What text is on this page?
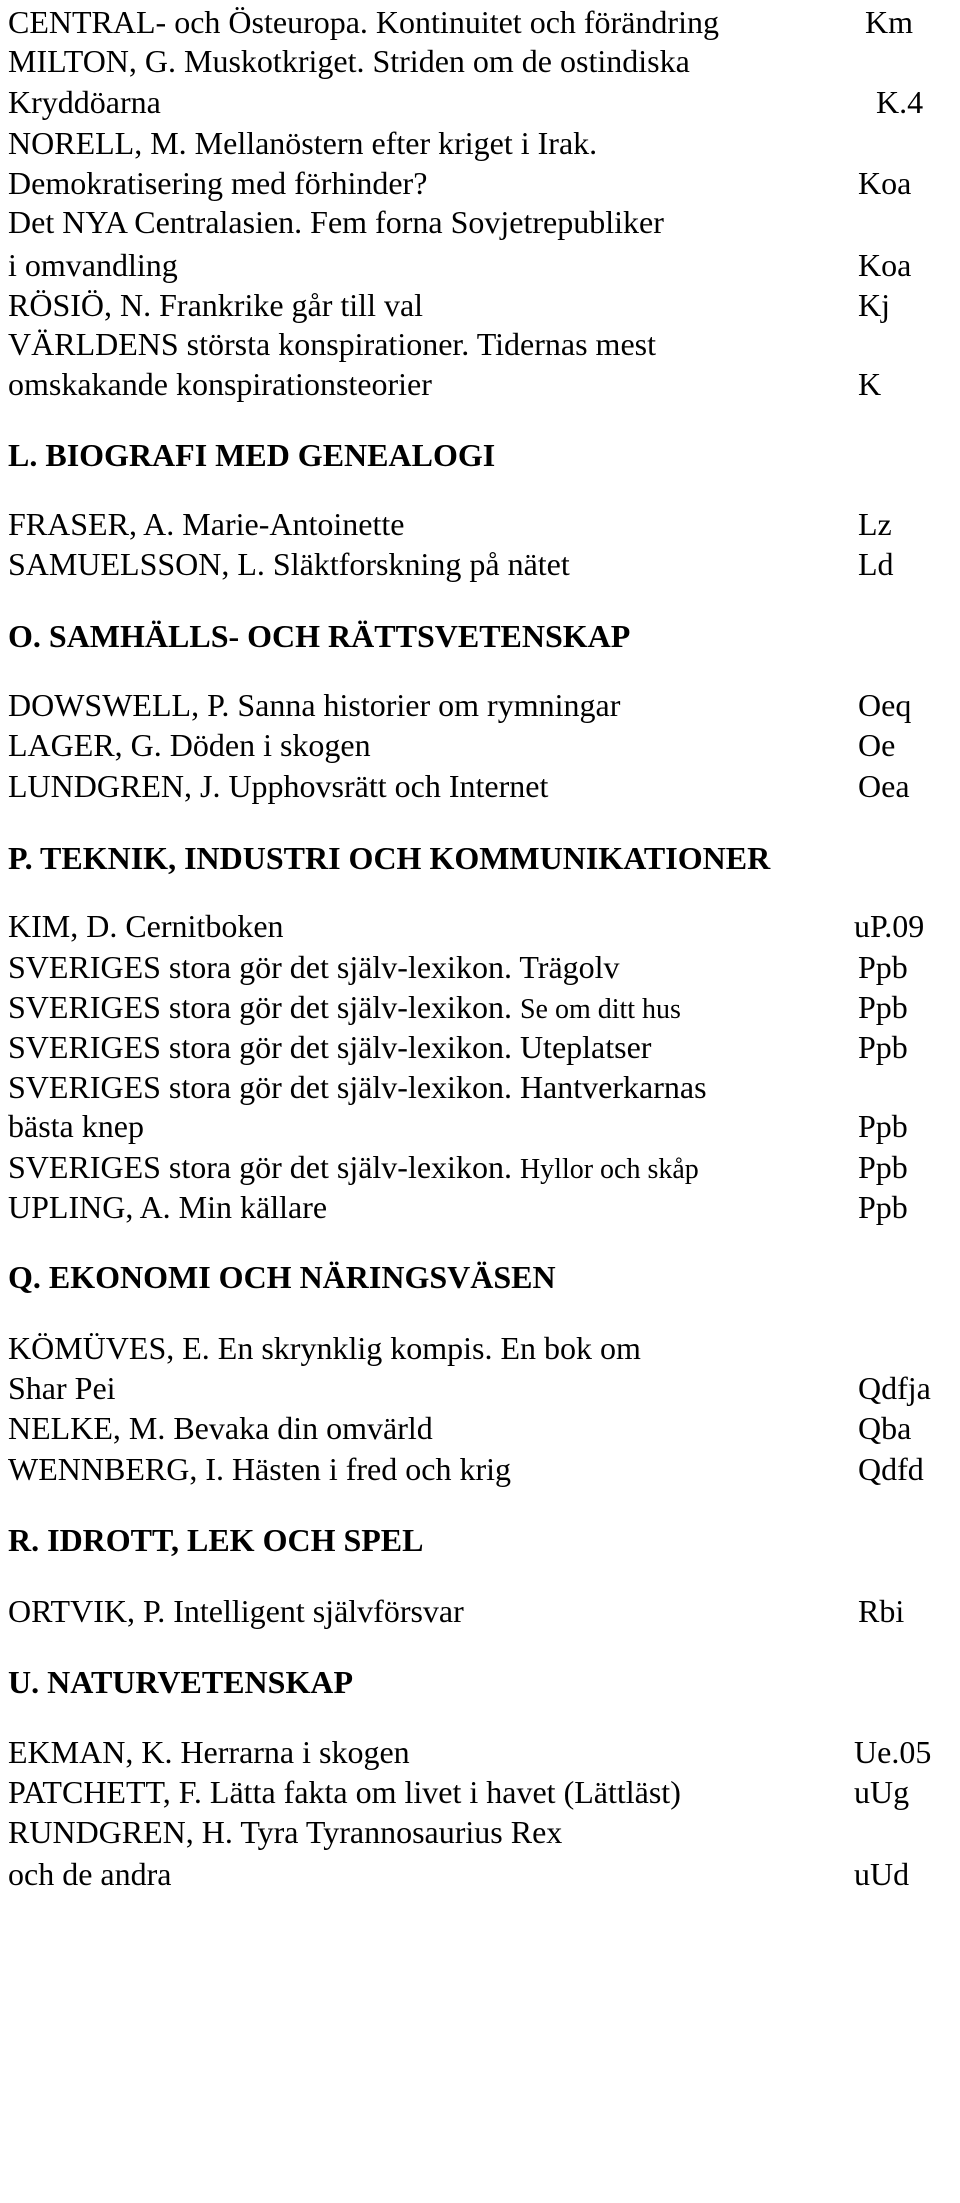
CENTRAL- och Östeuropa. Kontinuitet och förändring	Km
MILTON, G. Muskotkriget. Striden om de ostindiska
Kryddöarna	K.4
NORELL, M. Mellanöstern efter kriget i Irak.
Demokratisering med förhinder?	Koa
Det NYA Centralasien. Fem forna Sovjetrepubliker
i omvandling	Koa
RÖSIÖ, N. Frankrike går till val	Kj
VÄRLDENS största konspirationer. Tidernas mest
omskakande konspirationsteorier	K
L. BIOGRAFI MED GENEALOGI
FRASER, A. Marie-Antoinette	Lz
SAMUELSSON, L. Släktforskning på nätet	Ld
O. SAMHÄLLS- OCH RÄTTSVETENSKAP
DOWSWELL, P. Sanna historier om rymningar	Oeq
LAGER, G. Döden i skogen	Oe
LUNDGREN, J. Upphovsrätt och Internet	Oea
P. TEKNIK, INDUSTRI OCH KOMMUNIKATIONER
KIM, D. Cernitboken	uP.09
SVERIGES stora gör det själv-lexikon. Trägolv	Ppb
SVERIGES stora gör det själv-lexikon. Se om ditt hus	Ppb
SVERIGES stora gör det själv-lexikon. Uteplatser	Ppb
SVERIGES stora gör det själv-lexikon. Hantverkarnas
bästa knep	Ppb
SVERIGES stora gör det själv-lexikon. Hyllor och skåp	Ppb
UPLING, A. Min källare	Ppb
Q. EKONOMI OCH NÄRINGSVÄSEN
KÖMÜVES, E. En skrynklig kompis. En bok om
Shar Pei	Qdfja
NELKE, M. Bevaka din omvärld	Qba
WENNBERG, I. Hästen i fred och krig	Qdfd
R. IDROTT, LEK OCH SPEL
ORTVIK, P. Intelligent självförsvar	Rbi
U. NATURVETENSKAP
EKMAN, K. Herrarna i skogen	Ue.05
PATCHETT, F. Lätta fakta om livet i havet (Lättläst)	uUg
RUNDGREN, H. Tyra Tyrannosaurius Rex
och de andra	uUd
